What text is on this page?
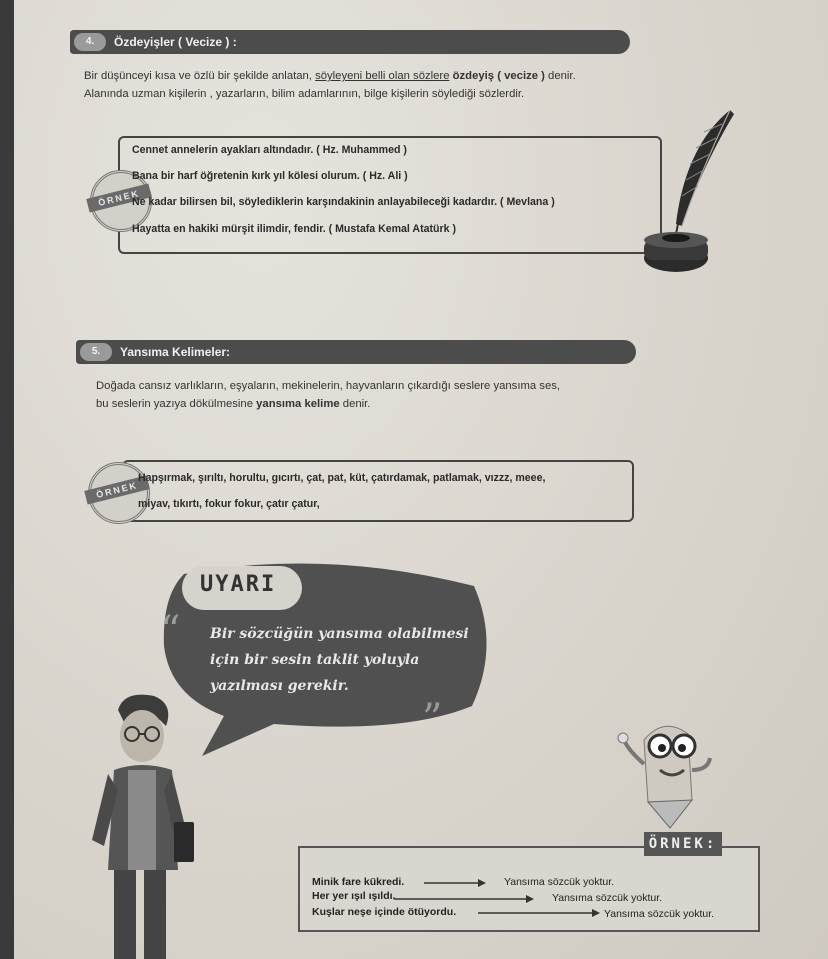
4.	Özdeyişler ( Vecize ) :
Bir düşünceyi kısa ve özlü bir şekilde anlatan, söyleyeni belli olan sözlere özdeyiş ( vecize ) denir.
Alanında uzman kişilerin , yazarların, bilim adamlarının, bilge kişilerin söylediği sözlerdir.
ÖRNEK
Cennet annelerin ayakları altındadır. ( Hz. Muhammed )
Bana bir harf öğretenin kırk yıl kölesi olurum. ( Hz. Ali )
Ne kadar bilirsen bil, söylediklerin karşındakinin anlayabileceği kadardır. ( Mevlana )
Hayatta en hakiki mürşit ilimdir, fendir. ( Mustafa Kemal Atatürk )
5.	Yansıma Kelimeler:
Doğada cansız varlıkların, eşyaların, mekinelerin, hayvanların çıkardığı seslere yansıma ses,
bu seslerin yazıya dökülmesine yansıma kelime denir.
ÖRNEK
Hapşırmak, şırıltı, horultu, gıcırtı, çat, pat, küt, çatırdamak, patlamak, vızzz, meee,
miyav, tıkırtı, fokur fokur, çatır çatur,
“
”
UYARI
Bir sözcüğün yansıma olabilmesi
için bir sesin taklit yoluyla
yazılması gerekir.
ÖRNEK:
Minik fare kükredi.	Yansıma sözcük yoktur.
Her yer ışıl ışıldı.	Yansıma sözcük yoktur.
Kuşlar neşe içinde ötüyordu.	Yansıma sözcük yoktur.
